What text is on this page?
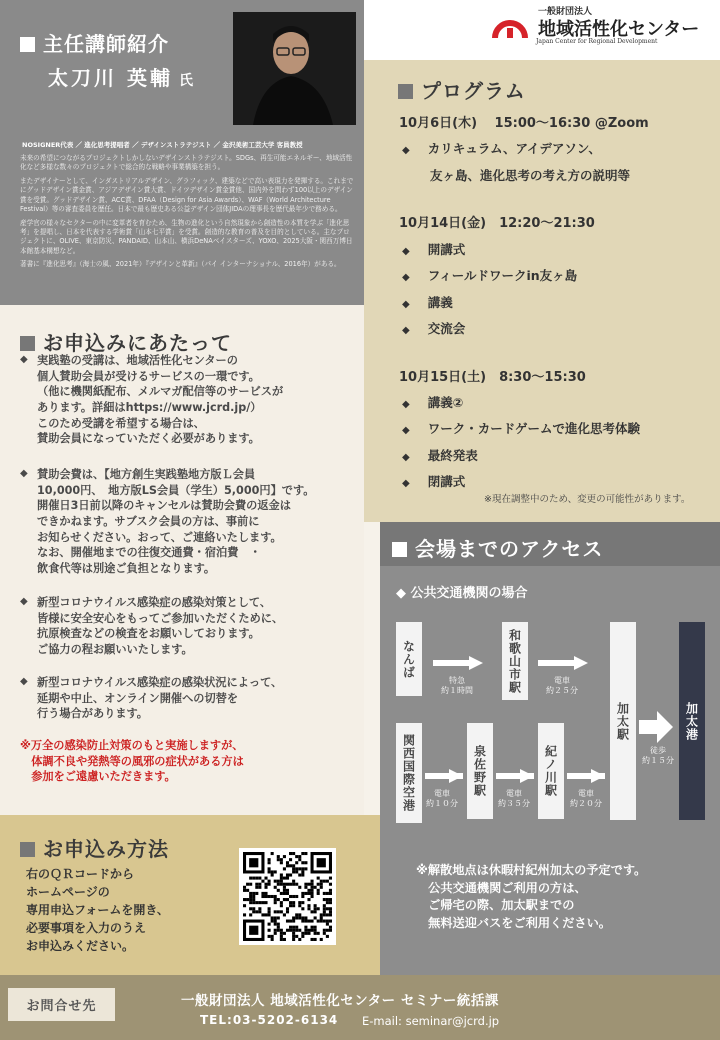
主任講師紹介
太刀川 英輔 氏
NOSIGNER代表 ／ 進化思考提唱者 ／ デザインストラテジスト ／ 金沢美術工芸大学 客員教授

未来の希望につながるプロジェクトしかしないデザインストラテジスト。SDGs、再生可能エネルギー、地域活性化など多様な数々のプロジェクトで総合的な戦略や事業構築を担う。

またデザイナーとして、インダストリアルデザイン、グラフィック、建築などで高い表現力を発揮する。これまでにグッドデザイン賞金賞、アジアデザイン賞大賞、ドイツデザイン賞金賞他、国内外を問わず100以上のデザイン賞を受賞。グッドデザイン賞、ACC賞、DFAA（Design for Asia Awards）、WAF（World Architecture Festival）等の審査委員を歴任。日本で最も歴史ある公益デザイン団体JIDAの理事長を歴代最年少で務める。

産学官の様々なセクターの中に変革者を育むため、生物の進化という自然現象から創造性の本質を学ぶ「進化思考」を提唱し、日本を代表する学術賞「山本七平賞」を受賞。創造的な教育の普及を目的としている。主なプロジェクトに、OLIVE、東京防災、PANDAID、山本山、横浜DeNAベイスターズ、YOXO、2025大阪・関西万博日本館基本構想など。

著書に『進化思考』（海士の風、2021年）『デザインと革新』（パイ インターナショナル、2016年）がある。

お申込みにあたって
◆ 実践塾の受講は、地域活性化センターの
個人賛助会員が受けるサービスの一環です。
（他に機関紙配布、メルマガ配信等のサービスが
あります。詳細はhttps://www.jcrd.jp/）
このため受講を希望する場合は、
賛助会員になっていただく必要があります。
◆ 賛助会費は、【地方創生実践塾地方版Ｌ会員
10,000円、　地方版LS会員（学生）5,000円】です。
開催日3日前以降のキャンセルは賛助会費の返金は
できかねます。サブスク会員の方は、事前に
お知らせください。おって、ご連絡いたします。
なお、開催地までの往復交通費・宿泊費　・
飲食代等は別途ご負担となります。
◆ 新型コロナウイルス感染症の感染対策として、
皆様に安全安心をもってご参加いただくために、
抗原検査などの検査をお願いしております。
ご協力の程お願いいたします。
◆ 新型コロナウイルス感染症の感染状況によって、
延期や中止、オンライン開催への切替を
行う場合があります。
※万全の感染防止対策のもと実施しますが、
　体調不良や発熱等の風邪の症状がある方は
　参加をご遠慮いただきます。
お申込み方法
右のＱＲコードから
ホームページの
専用申込フォームを開き、
必要事項を入力のうえ
お申込みください。
一般財団法人
地域活性化センター
Japan Center for Regional Development
プログラム
10月6日(木)　 15:00～16:30 @Zoom
◆ カリキュラム、アイデアソン、
友ヶ島、進化思考の考え方の説明等
10月14日(金)　12:20～21:30
◆ 開講式
◆ フィールドワークin友ヶ島
◆ 講義
◆ 交流会
10月15日(土)　8:30～15:30
◆ 講義②
◆ ワーク・カードゲームで進化思考体験
◆ 最終発表
◆ 閉講式
※現在調整中のため、変更の可能性があります。
会場までのアクセス
◆ 公共交通機関の場合
なんば
特急
約１時間	和歌山市駅	電車
約２５分
加太駅
関西国際空港	電車
約１０分
泉佐野駅	電車
約３５分
紀ノ川駅	電車
約２０分
徒歩
約１５分
加太港
※解散地点は休暇村紀州加太の予定です。
　公共交通機関ご利用の方は、
　ご帰宅の際、加太駅までの
　無料送迎バスをご利用ください。
お問合せ先	一般財団法人 地域活性化センター セミナー統括課
TEL:03-5202-6134 E-mail: seminar@jcrd.jp
